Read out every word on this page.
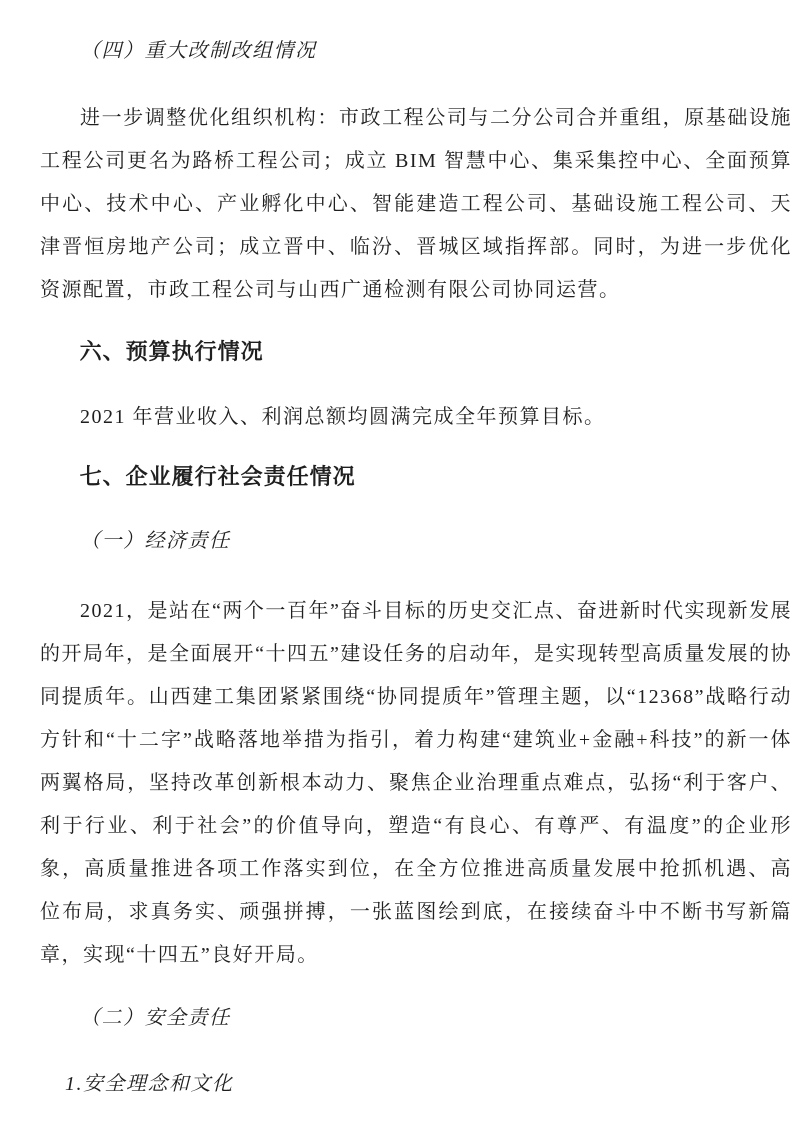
（四）重大改制改组情况

进一步调整优化组织机构：市政工程公司与二分公司合并重组，原基础设施工程公司更名为路桥工程公司；成立 BIM 智慧中心、集采集控中心、全面预算中心、技术中心、产业孵化中心、智能建造工程公司、基础设施工程公司、天津晋恒房地产公司；成立晋中、临汾、晋城区域指挥部。同时，为进一步优化资源配置，市政工程公司与山西广通检测有限公司协同运营。

六、预算执行情况

2021 年营业收入、利润总额均圆满完成全年预算目标。

七、企业履行社会责任情况

（一）经济责任

2021，是站在“两个一百年”奋斗目标的历史交汇点、奋进新时代实现新发展的开局年，是全面展开“十四五”建设任务的启动年，是实现转型高质量发展的协同提质年。山西建工集团紧紧围绕“协同提质年”管理主题，以“12368”战略行动方针和“十二字”战略落地举措为指引，着力构建“建筑业+金融+科技”的新一体两翼格局，坚持改革创新根本动力、聚焦企业治理重点难点，弘扬“利于客户、利于行业、利于社会”的价值导向，塑造“有良心、有尊严、有温度”的企业形象，高质量推进各项工作落实到位，在全方位推进高质量发展中抢抓机遇、高位布局，求真务实、顽强拼搏，一张蓝图绘到底，在接续奋斗中不断书写新篇章，实现“十四五”良好开局。

（二）安全责任

1.安全理念和文化
